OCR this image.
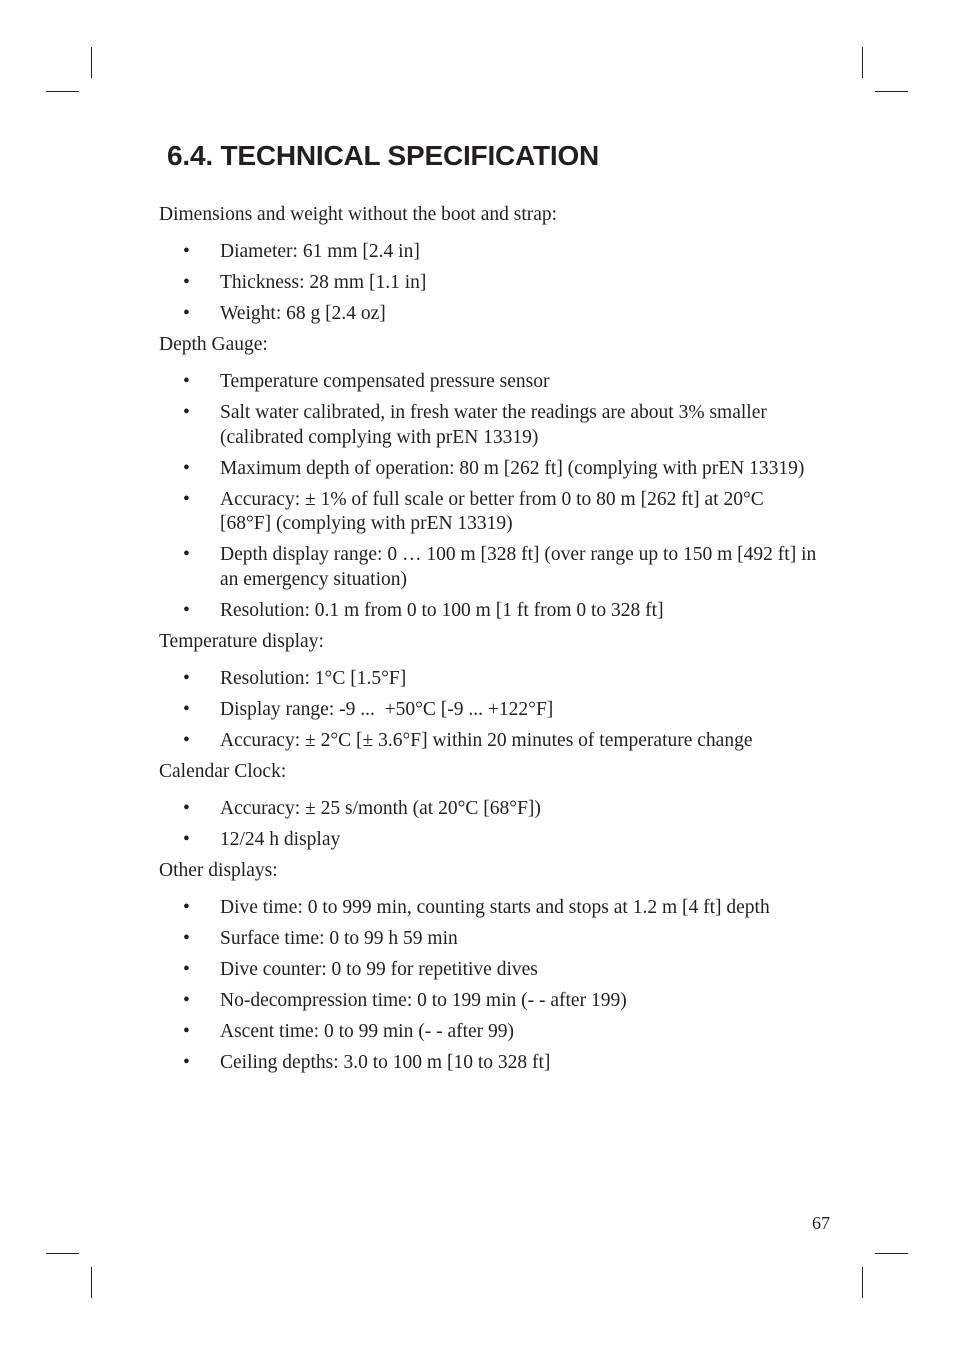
6.4. TECHNICAL SPECIFICATION
Dimensions and weight without the boot and strap:
• Diameter: 61 mm [2.4 in]
• Thickness: 28 mm [1.1 in]
• Weight: 68 g [2.4 oz]
Depth Gauge:
• Temperature compensated pressure sensor
• Salt water calibrated, in fresh water the readings are about 3% smaller (calibrated complying with prEN 13319)
• Maximum depth of operation: 80 m [262 ft] (complying with prEN 13319)
• Accuracy: ± 1% of full scale or better from 0 to 80 m [262 ft] at 20°C [68°F] (complying with prEN 13319)
• Depth display range: 0 … 100 m [328 ft] (over range up to 150 m [492 ft] in an emergency situation)
• Resolution: 0.1 m from 0 to 100 m [1 ft from 0 to 328 ft]
Temperature display:
• Resolution: 1°C [1.5°F]
• Display range: -9 ...  +50°C [-9 ... +122°F]
• Accuracy: ± 2°C [± 3.6°F] within 20 minutes of temperature change
Calendar Clock:
• Accuracy: ± 25 s/month (at 20°C [68°F])
• 12/24 h display
Other displays:
• Dive time: 0 to 999 min, counting starts and stops at 1.2 m [4 ft] depth
• Surface time: 0 to 99 h 59 min
• Dive counter: 0 to 99 for repetitive dives
• No-decompression time: 0 to 199 min (- - after 199)
• Ascent time: 0 to 99 min (- - after 99)
• Ceiling depths: 3.0 to 100 m [10 to 328 ft]
67
